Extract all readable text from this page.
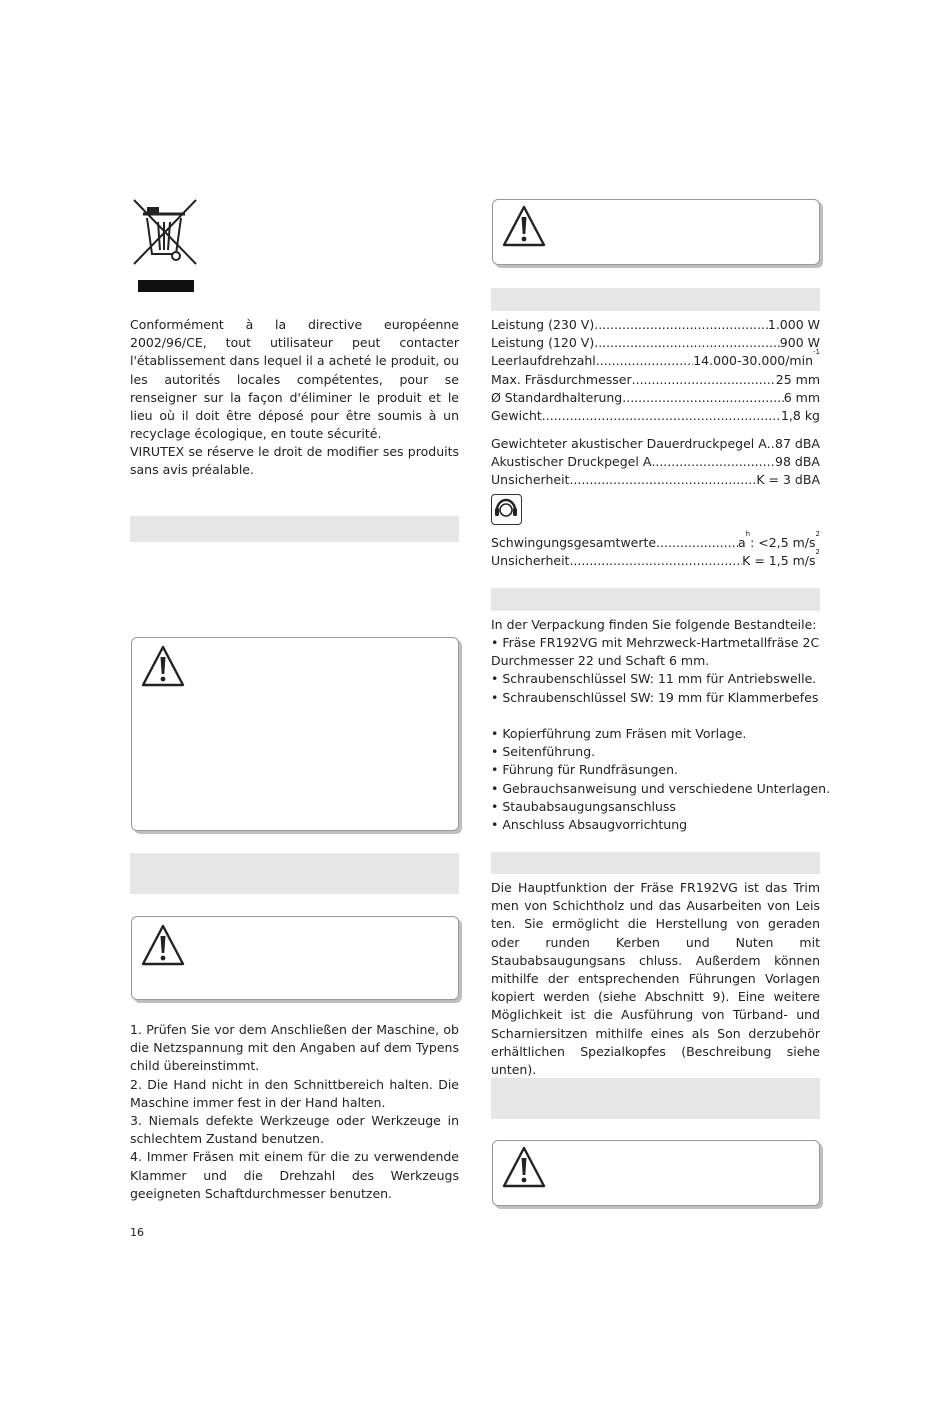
Conformément à la directive européenne 2002/96/CE, tout utilisateur peut contacter l'établissement dans lequel il a acheté le produit, ou les autorités locales compétentes, pour se renseigner sur la façon d'éliminer le produit et le lieu où il doit être déposé pour être soumis à un recyclage écologique, en toute sécurité.
VIRUTEX se réserve le droit de modifier ses produits sans avis préalable.

1. Prüfen Sie vor dem Anschließen der Maschine, ob die Netzspannung mit den Angaben auf dem Typens child übereinstimmt.

2. Die Hand nicht in den Schnittbereich halten. Die Maschine immer fest in der Hand halten.

3. Niemals defekte Werkzeuge oder Werkzeuge in schlechtem Zustand benutzen.

4. Immer Fräsen mit einem für die zu verwendende Klammer und die Drehzahl des Werkzeugs geeigneten Schaftdurchmesser benutzen.

16
Leistung (230 V) .....	1.000 W
Leistung (120 V) .....	900 W
Leerlaufdrehzahl .....	14.000-30.000/min
-1
Max. Fräsdurchmesser .....	25 mm
Ø Standardhalterung .....	6 mm
Gewicht .....	1,8 kg
Gewichteter akustischer Dauerdruckpegel A ..... 87 dBA
Akustischer Druckpegel A .....	98 dBA
Unsicherheit .....	K = 3 dBA
Schwingungsgesamtwerte .....	a
h
: <2,5 m/s
2
Unsicherheit .....	K = 1,5 m/s
2
In der Verpackung finden Sie folgende Bestandteile:
• Fräse FR192VG mit Mehrzweck-Hartmetallfräse 2C
Durchmesser 22 und Schaft 6 mm.
• Schraubenschlüssel SW: 11 mm für Antriebswelle.
• Schraubenschlüssel SW: 19 mm für Klammerbefes
• Kopierführung zum Fräsen mit Vorlage.
• Seitenführung.
• Führung für Rundfräsungen.
• Gebrauchsanweisung und verschiedene Unterlagen.
• Staubabsaugungsanschluss
• Anschluss Absaugvorrichtung
Die Hauptfunktion der Fräse FR192VG ist das Trim men von Schichtholz und das Ausarbeiten von Leis ten. Sie ermöglicht die Herstellung von geraden oder runden Kerben und Nuten mit Staubabsaugungsans chluss. Außerdem können mithilfe der entsprechenden Führungen Vorlagen kopiert werden (siehe Abschnitt 9). Eine weitere Möglichkeit ist die Ausführung von Türband- und Scharniersitzen mithilfe eines als Son derzubehör erhältlichen Spezialkopfes (Beschreibung siehe unten).
